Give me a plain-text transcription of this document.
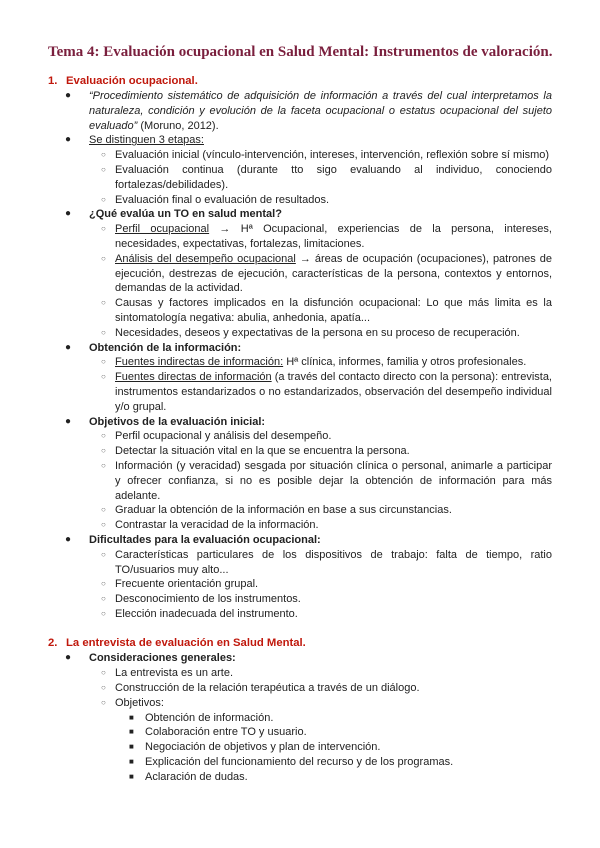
Tema 4: Evaluación ocupacional en Salud Mental: Instrumentos de valoración.
1. Evaluación ocupacional.
● “Procedimiento sistemático de adquisición de información a través del cual interpretamos la naturaleza, condición y evolución de la faceta ocupacional o estatus ocupacional del sujeto evaluado” (Moruno, 2012).
● Se distinguen 3 etapas:
○ Evaluación inicial (vínculo-intervención, intereses, intervención, reflexión sobre sí mismo)
○ Evaluación continua (durante tto sigo evaluando al individuo, conociendo fortalezas/debilidades).
○ Evaluación final o evaluación de resultados.
● ¿Qué evalúa un TO en salud mental?
○ Perfil ocupacional → Hª Ocupacional, experiencias de la persona, intereses, necesidades, expectativas, fortalezas, limitaciones.
○ Análisis del desempeño ocupacional → áreas de ocupación (ocupaciones), patrones de ejecución, destrezas de ejecución, características de la persona, contextos y entornos, demandas de la actividad.
○ Causas y factores implicados en la disfunción ocupacional: Lo que más limita es la sintomatología negativa: abulia, anhedonia, apatía...
○ Necesidades, deseos y expectativas de la persona en su proceso de recuperación.
● Obtención de la información:
○ Fuentes indirectas de información: Hª clínica, informes, familia y otros profesionales.
○ Fuentes directas de información (a través del contacto directo con la persona): entrevista, instrumentos estandarizados o no estandarizados, observación del desempeño individual y/o grupal.
● Objetivos de la evaluación inicial:
○ Perfil ocupacional y análisis del desempeño.
○ Detectar la situación vital en la que se encuentra la persona.
○ Información (y veracidad) sesgada por situación clínica o personal, animarle a participar y ofrecer confianza, si no es posible dejar la obtención de información para más adelante.
○ Graduar la obtención de la información en base a sus circunstancias.
○ Contrastar la veracidad de la información.
● Dificultades para la evaluación ocupacional:
○ Características particulares de los dispositivos de trabajo: falta de tiempo, ratio TO/usuarios muy alto...
○ Frecuente orientación grupal.
○ Desconocimiento de los instrumentos.
○ Elección inadecuada del instrumento.
2. La entrevista de evaluación en Salud Mental.
● Consideraciones generales:
○ La entrevista es un arte.
○ Construcción de la relación terapéutica a través de un diálogo.
○ Objetivos:
■ Obtención de información.
■ Colaboración entre TO y usuario.
■ Negociación de objetivos y plan de intervención.
■ Explicación del funcionamiento del recurso y de los programas.
■ Aclaración de dudas.
